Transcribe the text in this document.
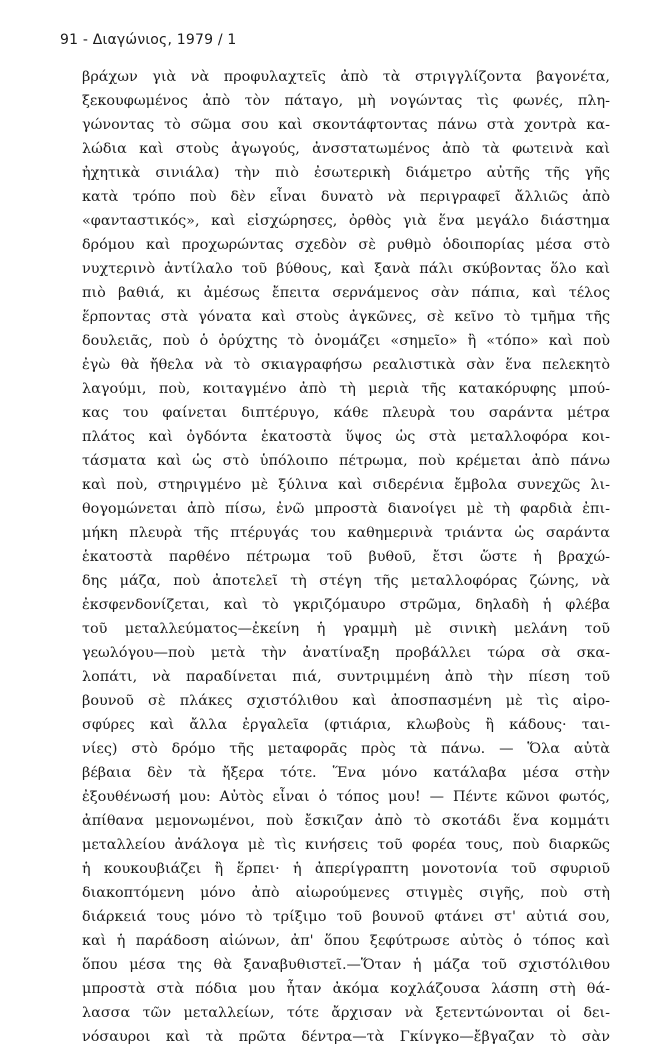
91 - Διαγώνιος, 1979 / 1

βράχων γιὰ νὰ προφυλαχτεῖς ἀπὸ τὰ στριγγλίζοντα βαγονέτα,
ξεκουφωμένος ἀπὸ τὸν πάταγο, μὴ νογώντας τὶς φωνές, πλη-
γώνοντας τὸ σῶμα σου καὶ σκοντάφτοντας πάνω στὰ χοντρὰ κα-
λώδια καὶ στοὺς ἀγωγούς, ἀνσστατωμένος ἀπὸ τὰ φωτεινὰ καὶ
ἠχητικὰ σινιάλα) τὴν πιὸ ἐσωτερικὴ διάμετρο αὐτῆς τῆς γῆς
κατὰ τρόπο ποὺ δὲν εἶναι δυνατὸ νὰ περιγραφεῖ ἄλλιῶς ἀπὸ
«φανταστικός», καὶ εἰσχώρησες, ὀρθὸς γιὰ ἕνα μεγάλο διάστημα
δρόμου καὶ προχωρώντας σχεδὸν σὲ ρυθμὸ ὁδοιπορίας μέσα στὸ
νυχτερινὸ ἀντίλαλο τοῦ βύθους, καὶ ξανὰ πάλι σκύβοντας ὅλο καὶ
πιὸ βαθιά, κι ἀμέσως ἔπειτα σερνάμενος σὰν πάπια, καὶ τέλος
ἕρποντας στὰ γόνατα καὶ στοὺς ἀγκῶνες, σὲ κεῖνο τὸ τμῆμα τῆς
δουλειᾶς, ποὺ ὁ ὀρύχτης τὸ ὀνομάζει «σημεῖο» ἢ «τόπο» καὶ ποὺ
ἐγὼ θὰ ἤθελα νὰ τὸ σκιαγραφήσω ρεαλιστικὰ σὰν ἕνα πελεκητὸ
λαγούμι, ποὺ, κοιταγμένο ἀπὸ τὴ μεριὰ τῆς κατακόρυφης μπού-
κας του φαίνεται διπτέρυγο, κάθε πλευρὰ του σαράντα μέτρα
πλάτος καὶ ὀγδόντα ἑκατοστὰ ὕψος ὡς στὰ μεταλλοφόρα κοι-
τάσματα καὶ ὡς στὸ ὑπόλοιπο πέτρωμα, ποὺ κρέμεται ἀπὸ πάνω
καὶ ποὺ, στηριγμένο μὲ ξύλινα καὶ σιδερένια ἔμβολα συνεχῶς λι-
θογομώνεται ἀπὸ πίσω, ἐνῶ μπροστὰ διανοίγει μὲ τὴ φαρδιὰ ἐπι-
μήκη πλευρὰ τῆς πτέρυγάς του καθημερινὰ τριάντα ὡς σαράντα
ἑκατοστὰ παρθένο πέτρωμα τοῦ βυθοῦ, ἔτσι ὥστε ἡ βραχώ-
δης μάζα, ποὺ ἀποτελεῖ τὴ στέγη τῆς μεταλλοφόρας ζώνης, νὰ
ἐκσφενδονίζεται, καὶ τὸ γκριζόμαυρο στρῶμα, δηλαδὴ ἡ φλέβα
τοῦ μεταλλεύματος—ἐκείνη ἡ γραμμὴ μὲ σινικὴ μελάνη τοῦ
γεωλόγου—ποὺ μετὰ τὴν ἀνατίναξη προβάλλει τώρα σὰ σκα-
λοπάτι, νὰ παραδίνεται πιά, συντριμμένη ἀπὸ τὴν πίεση τοῦ
βουνοῦ σὲ πλάκες σχιστόλιθου καὶ ἀποσπασμένη μὲ τὶς αἰρο-
σφύρες καὶ ἄλλα ἐργαλεῖα (φτιάρια, κλωβοὺς ἢ κάδους· ται-
νίες) στὸ δρόμο τῆς μεταφορᾶς πρὸς τὰ πάνω. — Ὅλα αὐτὰ
βέβαια δὲν τὰ ἤξερα τότε. Ἕνα μόνο κατάλαβα μέσα στὴν
ἐξουθένωσή μου: Αὐτὸς εἶναι ὁ τόπος μου! — Πέντε κῶνοι φωτός,
ἀπίθανα μεμονωμένοι, ποὺ ἔσκιζαν ἀπὸ τὸ σκοτάδι ἕνα κομμάτι
μεταλλείου ἀνάλογα μὲ τὶς κινήσεις τοῦ φορέα τους, ποὺ διαρκῶς
ἡ κουκουβιάζει ἢ ἕρπει· ἡ ἀπερίγραπτη μονοτονία τοῦ σφυριοῦ
διακοπτόμενη μόνο ἀπὸ αἰωρούμενες στιγμὲς σιγῆς, ποὺ στὴ
διάρκειά τους μόνο τὸ τρίξιμο τοῦ βουνοῦ φτάνει στ' αὐτιά σου,
καὶ ἡ παράδοση αἰώνων, ἀπ' ὅπου ξεφύτρωσε αὐτὸς ὁ τόπος καὶ
ὅπου μέσα της θὰ ξαναβυθιστεῖ.—Ὅταν ἡ μάζα τοῦ σχιστόλιθου
μπροστὰ στὰ πόδια μου ἦταν ἀκόμα κοχλάζουσα λάσπη στὴ θά-
λασσα τῶν μεταλλείων, τότε ἄρχισαν νὰ ξετεντώνονται οἱ δει-
νόσαυροι καὶ τὰ πρῶτα δέντρα—τὰ Γκίνγκο—ἔβγαζαν τὸ σὰν
